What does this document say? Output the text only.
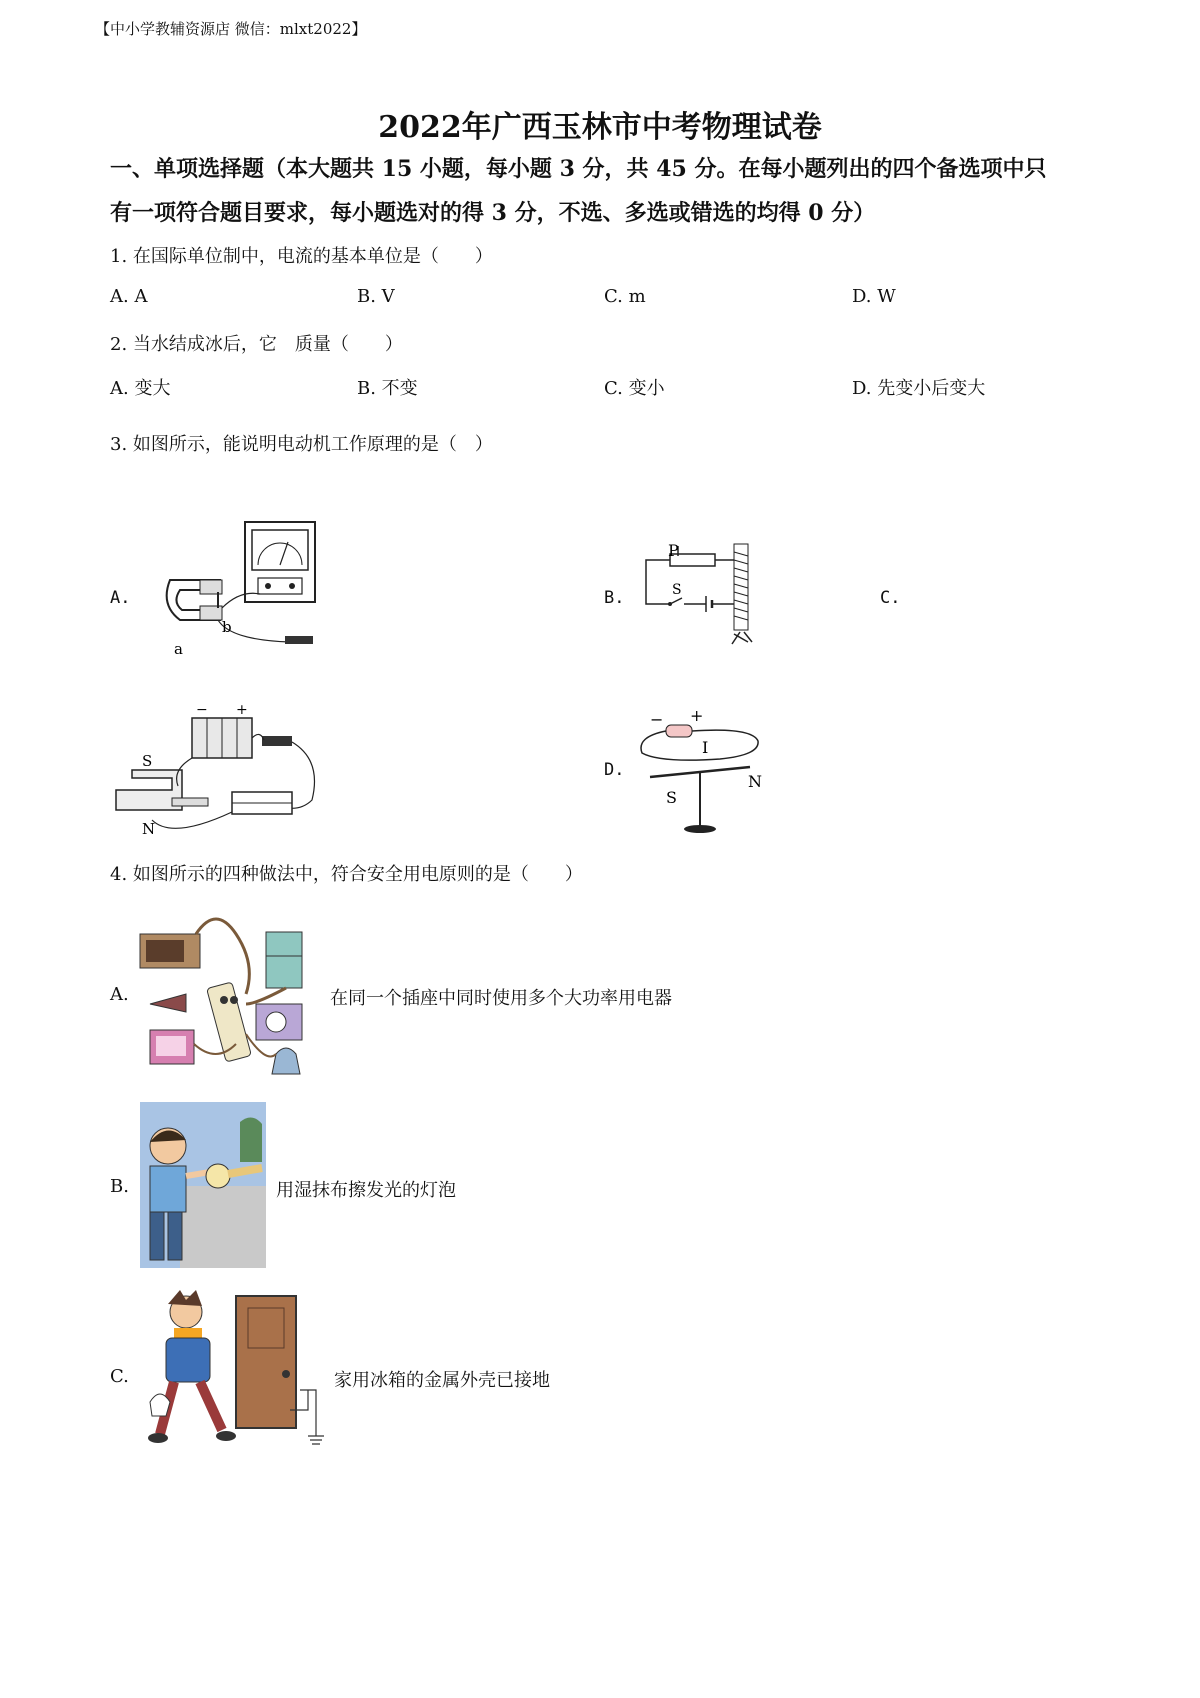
【中小学教辅资源店 微信：mlxt2022】
2022年广西玉林市中考物理试卷
一、单项选择题（本大题共 15 小题，每小题 3 分，共 45 分。在每小题列出的四个备选项中只
有一项符合题目要求，每小题选对的得 3 分，不选、多选或错选的均得 0 分）
1. 在国际单位制中，电流的基本单位是（　　）
A. A	B. V	C. m	D. W
2. 当水结成冰后，它　质量（　　）
A. 变大	B. 不变	C. 变小	D. 先变小后变大
3. 如图所示，能说明电动机工作原理的是（　）
A.
a
b
B.
P
S	C.
− +
S
N
D.
− +
I
N
S
4. 如图所示的四种做法中，符合安全用电原则的是（　　）
A.	在同一个插座中同时使用多个大功率用电器
B.	用湿抹布擦发光的灯泡
C.	家用冰箱的金属外壳已接地
